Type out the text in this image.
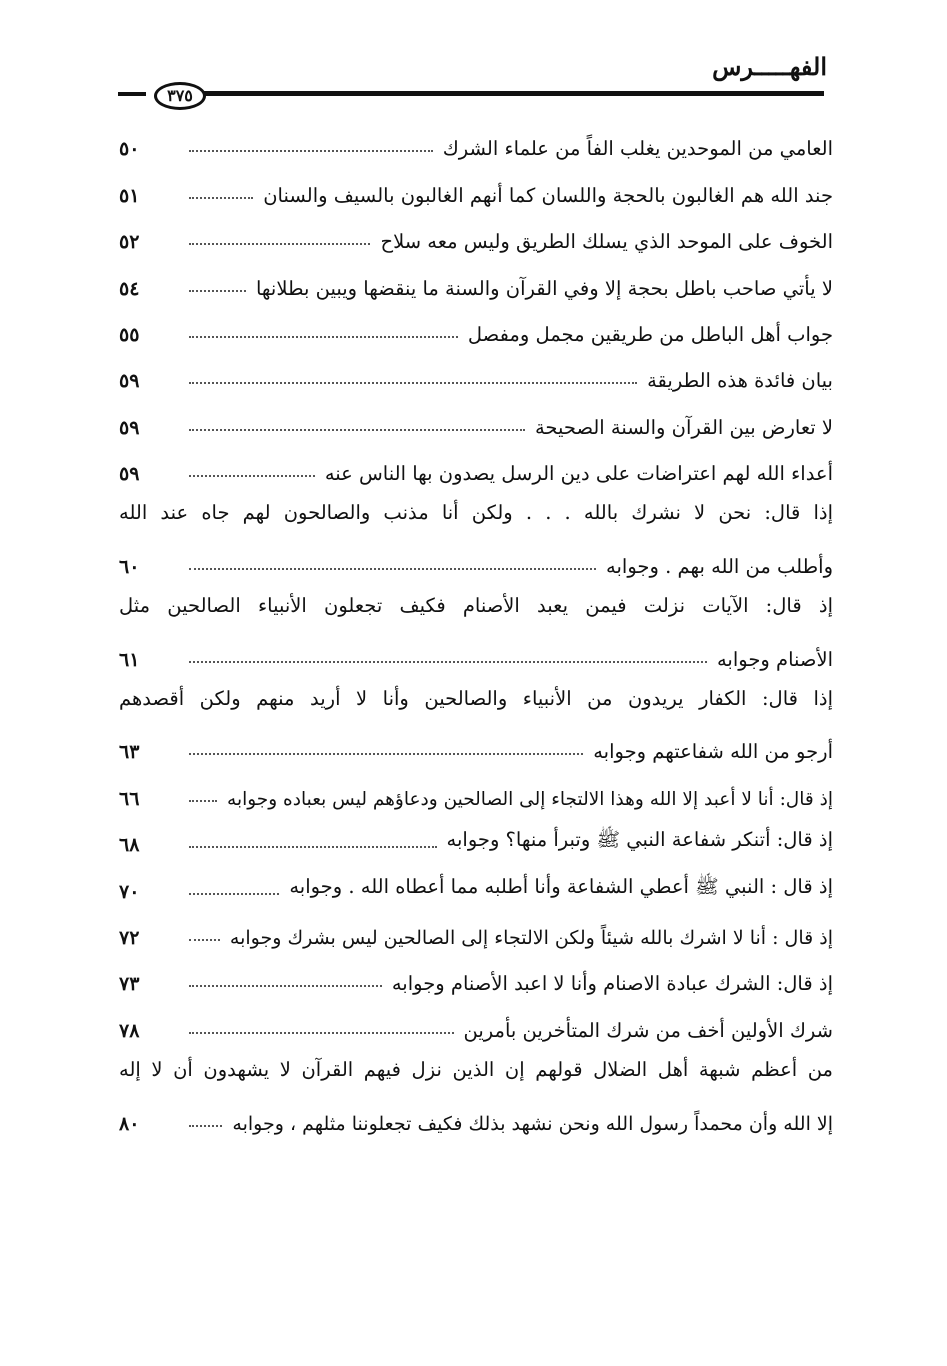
الفهـــــرس
٣٧٥
العامي من الموحدين يغلب الفاً من علماء الشرك
٥٠
جند الله هم الغالبون بالحجة واللسان كما أنهم الغالبون بالسيف والسنان
٥١
الخوف على الموحد الذي يسلك الطريق وليس معه سلاح
٥٢
لا يأتي صاحب باطل بحجة إلا وفي القرآن والسنة ما ينقضها ويبين بطلانها
٥٤
جواب أهل الباطل من طريقين مجمل ومفصل
٥٥
بيان فائدة هذه الطريقة
٥٩
لا تعارض بين القرآن والسنة الصحيحة
٥٩
أعداء الله لهم اعتراضات على دين الرسل يصدون بها الناس عنه
٥٩
إذا قال: نحن لا نشرك بالله . . . ولكن أنا مذنب والصالحون لهم جاه عند الله
وأطلب من الله بهم . وجوابه
٦٠
إذ قال: الآيات نزلت فيمن يعبد الأصنام فكيف تجعلون الأنبياء الصالحين مثل
الأصنام وجوابه
٦١
إذا قال: الكفار يريدون من الأنبياء والصالحين وأنا لا أريد منهم ولكن أقصدهم
أرجو من الله شفاعتهم وجوابه
٦٣
إذ قال: أنا لا أعبد إلا الله وهذا الالتجاء إلى الصالحين ودعاؤهم ليس بعباده وجوابه
٦٦
إذ قال: أتنكر شفاعة النبي ﷺ وتبرأ منها؟ وجوابه
٦٨
إذ قال : النبي ﷺ أعطي الشفاعة وأنا أطلبه مما أعطاه الله . وجوابه
٧٠
إذ قال : أنا لا اشرك بالله شيئاً ولكن الالتجاء إلى الصالحين ليس بشرك وجوابه
٧٢
إذ قال: الشرك عبادة الاصنام وأنا لا اعبد الأصنام وجوابه
٧٣
شرك الأولين أخف من شرك المتأخرين بأمرين
٧٨
من أعظم شبهة أهل الضلال قولهم إن الذين نزل فيهم القرآن لا يشهدون أن لا إله
إلا الله وأن محمداً رسول الله ونحن نشهد بذلك فكيف تجعلوننا مثلهم ، وجوابه
٨٠
